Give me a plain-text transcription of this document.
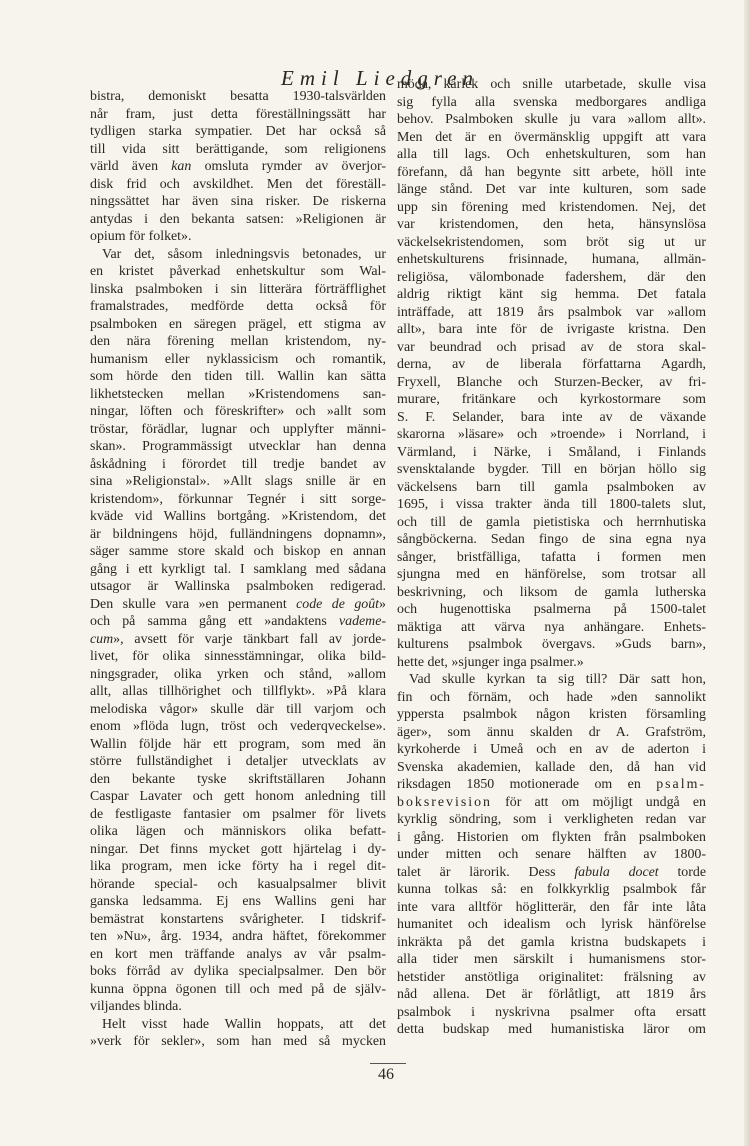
Emil Liedgren
bistra, demoniskt besatta 1930-talsvärlden
når fram, just detta föreställningssätt har
tydligen starka sympatier. Det har också så
till vida sitt berättigande, som religionens
värld även kan omsluta rymder av överjor-
disk frid och avskildhet. Men det föreställ-
ningssättet har även sina risker. De riskerna
antydas i den bekanta satsen: »Religionen är
opium för folket».
Var det, såsom inledningsvis betonades, ur
en kristet påverkad enhetskultur som Wal-
linska psalmboken i sin litterära förträfflighet
framalstrades, medförde detta också för
psalmboken en säregen prägel, ett stigma av
den nära förening mellan kristendom, ny-
humanism eller nyklassicism och romantik,
som hörde den tiden till. Wallin kan sätta
likhetstecken mellan »Kristendomens san-
ningar, löften och föreskrifter» och »allt som
tröstar, förädlar, lugnar och upplyfter männi-
skan». Programmässigt utvecklar han denna
åskådning i förordet till tredje bandet av
sina »Religionstal». »Allt slags snille är en
kristendom», förkunnar Tegnér i sitt sorge-
kväde vid Wallins bortgång. »Kristendom, det
är bildningens höjd, fulländningens dopnamn»,
säger samme store skald och biskop en annan
gång i ett kyrkligt tal. I samklang med sådana
utsagor är Wallinska psalmboken redigerad.
Den skulle vara »en permanent code de goût»
och på samma gång ett »andaktens vademe-
cum», avsett för varje tänkbart fall av jorde-
livet, för olika sinnesstämningar, olika bild-
ningsgrader, olika yrken och stånd, »allom
allt, allas tillhörighet och tillflykt». »På klara
melodiska vågor» skulle där till varjom och
enom »flöda lugn, tröst och vederqveckelse».
Wallin följde här ett program, som med än
större fullständighet i detaljer utvecklats av
den bekante tyske skriftställaren Johann
Caspar Lavater och gett honom anledning till
de festligaste fantasier om psalmer för livets
olika lägen och människors olika befatt-
ningar. Det finns mycket gott hjärtelag i dy-
lika program, men icke förty ha i regel dit-
hörande special- och kasualpsalmer blivit
ganska ledsamma. Ej ens Wallins geni har
bemästrat konstartens svårigheter. I tidskrif-
ten »Nu», årg. 1934, andra häftet, förekommer
en kort men träffande analys av vår psalm-
boks förråd av dylika specialpsalmer. Den bör
kunna öppna ögonen till och med på de själv-
viljandes blinda.
Helt visst hade Wallin hoppats, att det
»verk för sekler», som han med så mycken
möda, kärlek och snille utarbetade, skulle visa
sig fylla alla svenska medborgares andliga
behov. Psalmboken skulle ju vara »allom allt».
Men det är en övermänsklig uppgift att vara
alla till lags. Och enhetskulturen, som han
förefann, då han begynte sitt arbete, höll inte
länge stånd. Det var inte kulturen, som sade
upp sin förening med kristendomen. Nej, det
var kristendomen, den heta, hänsynslösa
väckelsekristendomen, som bröt sig ut ur
enhetskulturens frisinnade, humana, allmän-
religiösa, välombonade fadershem, där den
aldrig riktigt känt sig hemma. Det fatala
inträffade, att 1819 års psalmbok var »allom
allt», bara inte för de ivrigaste kristna. Den
var beundrad och prisad av de stora skal-
derna, av de liberala författarna Agardh,
Fryxell, Blanche och Sturzen-Becker, av fri-
murare, fritänkare och kyrkostormare som
S. F. Selander, bara inte av de växande
skarorna »läsare» och »troende» i Norrland, i
Värmland, i Närke, i Småland, i Finlands
svensktalande bygder. Till en början höllo sig
väckelsens barn till gamla psalmboken av
1695, i vissa trakter ända till 1800-talets slut,
och till de gamla pietistiska och herrnhutiska
sångböckerna. Sedan fingo de sina egna nya
sånger, bristfälliga, tafatta i formen men
sjungna med en hänförelse, som trotsar all
beskrivning, och liksom de gamla lutherska
och hugenottiska psalmerna på 1500-talet
mäktiga att värva nya anhängare. Enhets-
kulturens psalmbok övergavs. »Guds barn»,
hette det, »sjunger inga psalmer.»
Vad skulle kyrkan ta sig till? Där satt hon,
fin och förnäm, och hade »den sannolikt
yppersta psalmbok någon kristen församling
äger», som ännu skalden dr A. Grafström,
kyrkoherde i Umeå och en av de aderton i
Svenska akademien, kallade den, då han vid
riksdagen 1850 motionerade om en psalm-
boksrevision för att om möjligt undgå en
kyrklig söndring, som i verkligheten redan var
i gång. Historien om flykten från psalmboken
under mitten och senare hälften av 1800-
talet är lärorik. Dess fabula docet torde
kunna tolkas så: en folkkyrklig psalmbok får
inte vara alltför höglitterär, den får inte låta
humanitet och idealism och lyrisk hänförelse
inkräkta på det gamla kristna budskapets i
alla tider men särskilt i humanismens stor-
hetstider anstötliga originalitet: frälsning av
nåd allena. Det är förlåtligt, att 1819 års
psalmbok i nyskrivna psalmer ofta ersatt
detta budskap med humanistiska läror om
46
